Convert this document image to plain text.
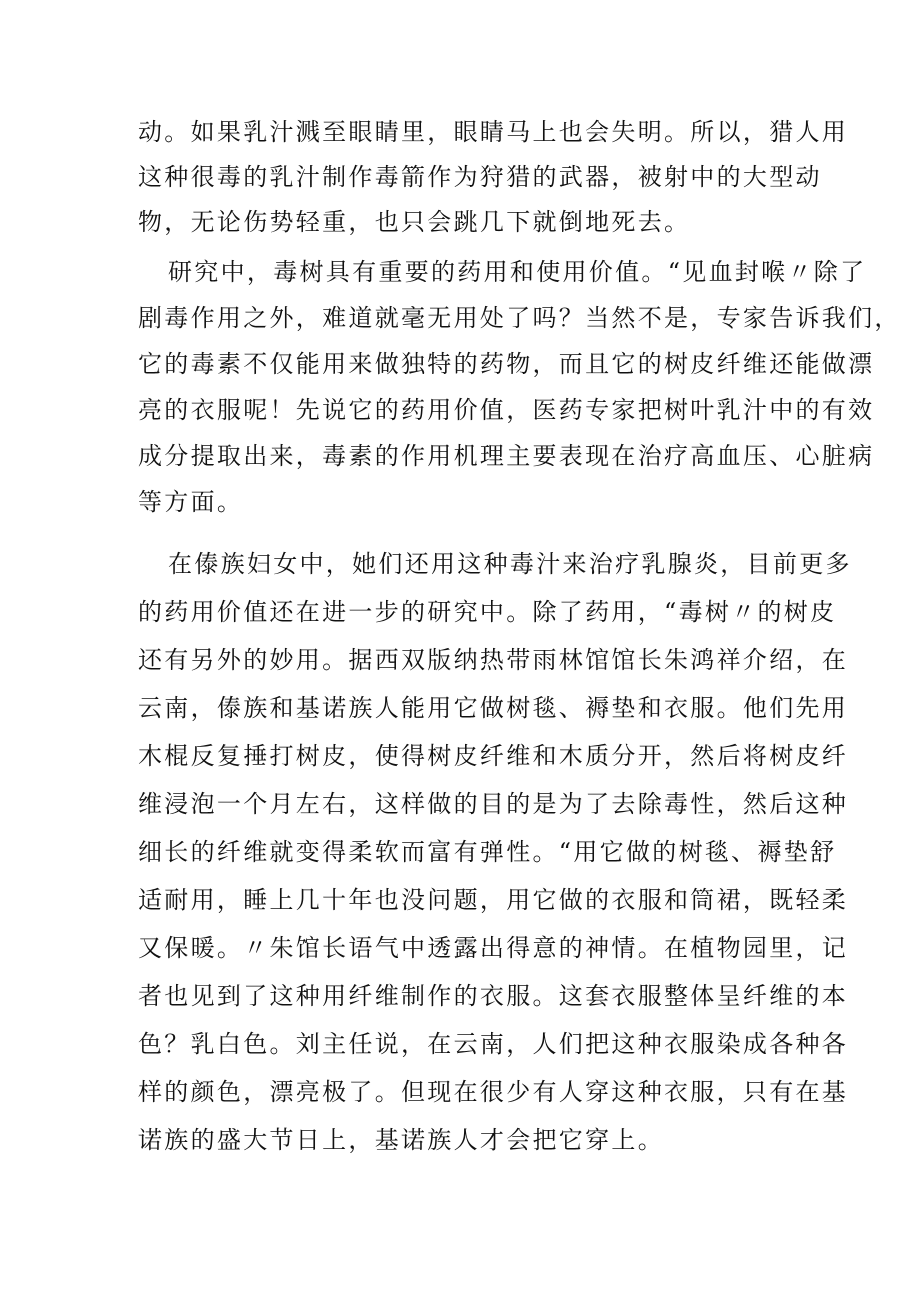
动。如果乳汁溅至眼睛里，眼睛马上也会失明。所以，猎人用
这种很毒的乳汁制作毒箭作为狩猎的武器，被射中的大型动
物，无论伤势轻重，也只会跳几下就倒地死去。
研究中，毒树具有重要的药用和使用价值。“见血封喉〃除了
剧毒作用之外，难道就毫无用处了吗？当然不是，专家告诉我们，
它的毒素不仅能用来做独特的药物，而且它的树皮纤维还能做漂
亮的衣服呢！先说它的药用价值，医药专家把树叶乳汁中的有效
成分提取出来，毒素的作用机理主要表现在治疗高血压、心脏病
等方面。
在傣族妇女中，她们还用这种毒汁来治疗乳腺炎，目前更多
的药用价值还在进一步的研究中。除了药用，“毒树〃的树皮
还有另外的妙用。据西双版纳热带雨林馆馆长朱鸿祥介绍，在
云南，傣族和基诺族人能用它做树毯、褥垫和衣服。他们先用
木棍反复捶打树皮，使得树皮纤维和木质分开，然后将树皮纤
维浸泡一个月左右，这样做的目的是为了去除毒性，然后这种
细长的纤维就变得柔软而富有弹性。“用它做的树毯、褥垫舒
适耐用，睡上几十年也没问题，用它做的衣服和筒裙，既轻柔
又保暖。〃朱馆长语气中透露出得意的神情。在植物园里，记
者也见到了这种用纤维制作的衣服。这套衣服整体呈纤维的本
色？乳白色。刘主任说，在云南，人们把这种衣服染成各种各
样的颜色，漂亮极了。但现在很少有人穿这种衣服，只有在基
诺族的盛大节日上，基诺族人才会把它穿上。
